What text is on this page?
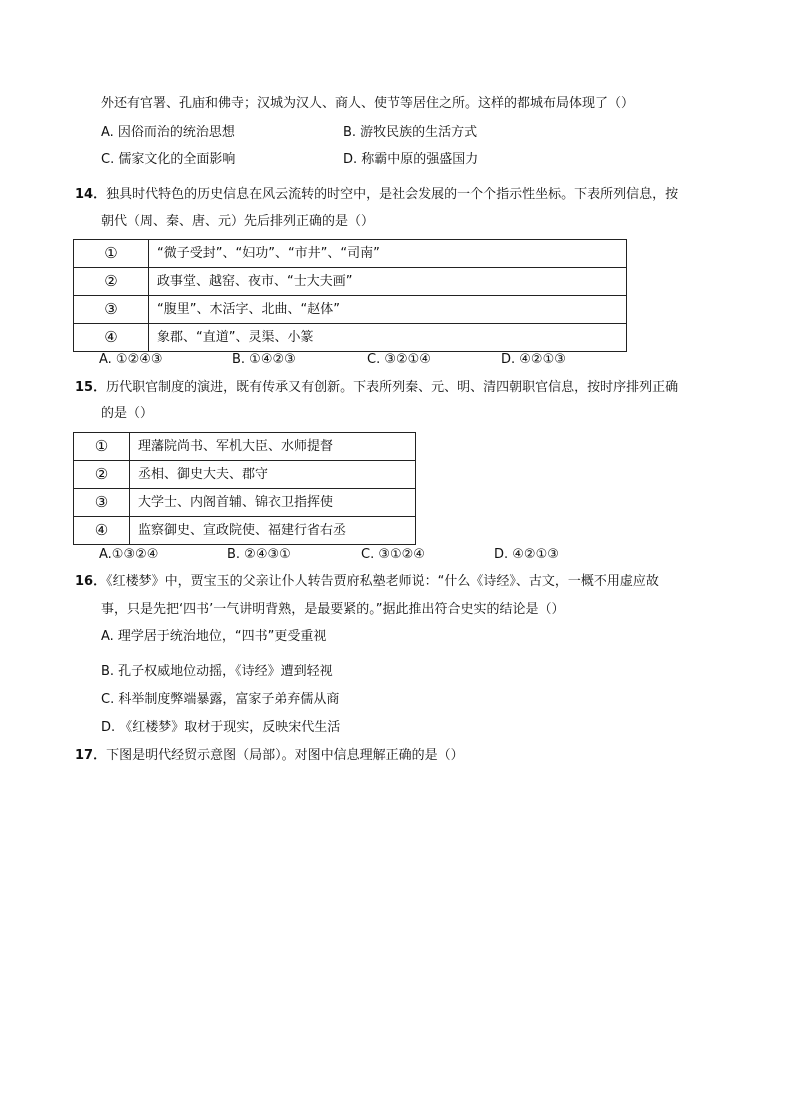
外还有官署、孔庙和佛寺；汉城为汉人、商人、使节等居住之所。这样的都城布局体现了（）
A. 因俗而治的统治思想	B. 游牧民族的生活方式
C. 儒家文化的全面影响	D. 称霸中原的强盛国力
14．独具时代特色的历史信息在风云流转的时空中，是社会发展的一个个指示性坐标。下表所列信息，按
朝代（周、秦、唐、元）先后排列正确的是（）
①	“微子受封”、“妇功”、“市井”、“司南”
②	政事堂、越窑、夜市、“士大夫画”
③	“腹里”、木活字、北曲、“赵体”
④	象郡、“直道”、灵渠、小篆
A. ①②④③	B. ①④②③	C. ③②①④	D. ④②①③
15．历代职官制度的演进，既有传承又有创新。下表所列秦、元、明、清四朝职官信息，按时序排列正确
的是（）
①	理藩院尚书、军机大臣、水师提督
②	丞相、御史大夫、郡守
③	大学士、内阁首辅、锦衣卫指挥使
④	监察御史、宣政院使、福建行省右丞
A.①③②④	B. ②④③①	C. ③①②④	D. ④②①③
16．《红楼梦》中，贾宝玉的父亲让仆人转告贾府私塾老师说：“什么《诗经》、古文，一概不用虚应故
事，只是先把‘四书’一气讲明背熟，是最要紧的。”据此推出符合史实的结论是（）
A. 理学居于统治地位，“四书”更受重视
B. 孔子权威地位动摇，《诗经》遭到轻视
C. 科举制度弊端暴露，富家子弟弃儒从商
D. 《红楼梦》取材于现实，反映宋代生活
17．下图是明代经贸示意图（局部）。对图中信息理解正确的是（）
